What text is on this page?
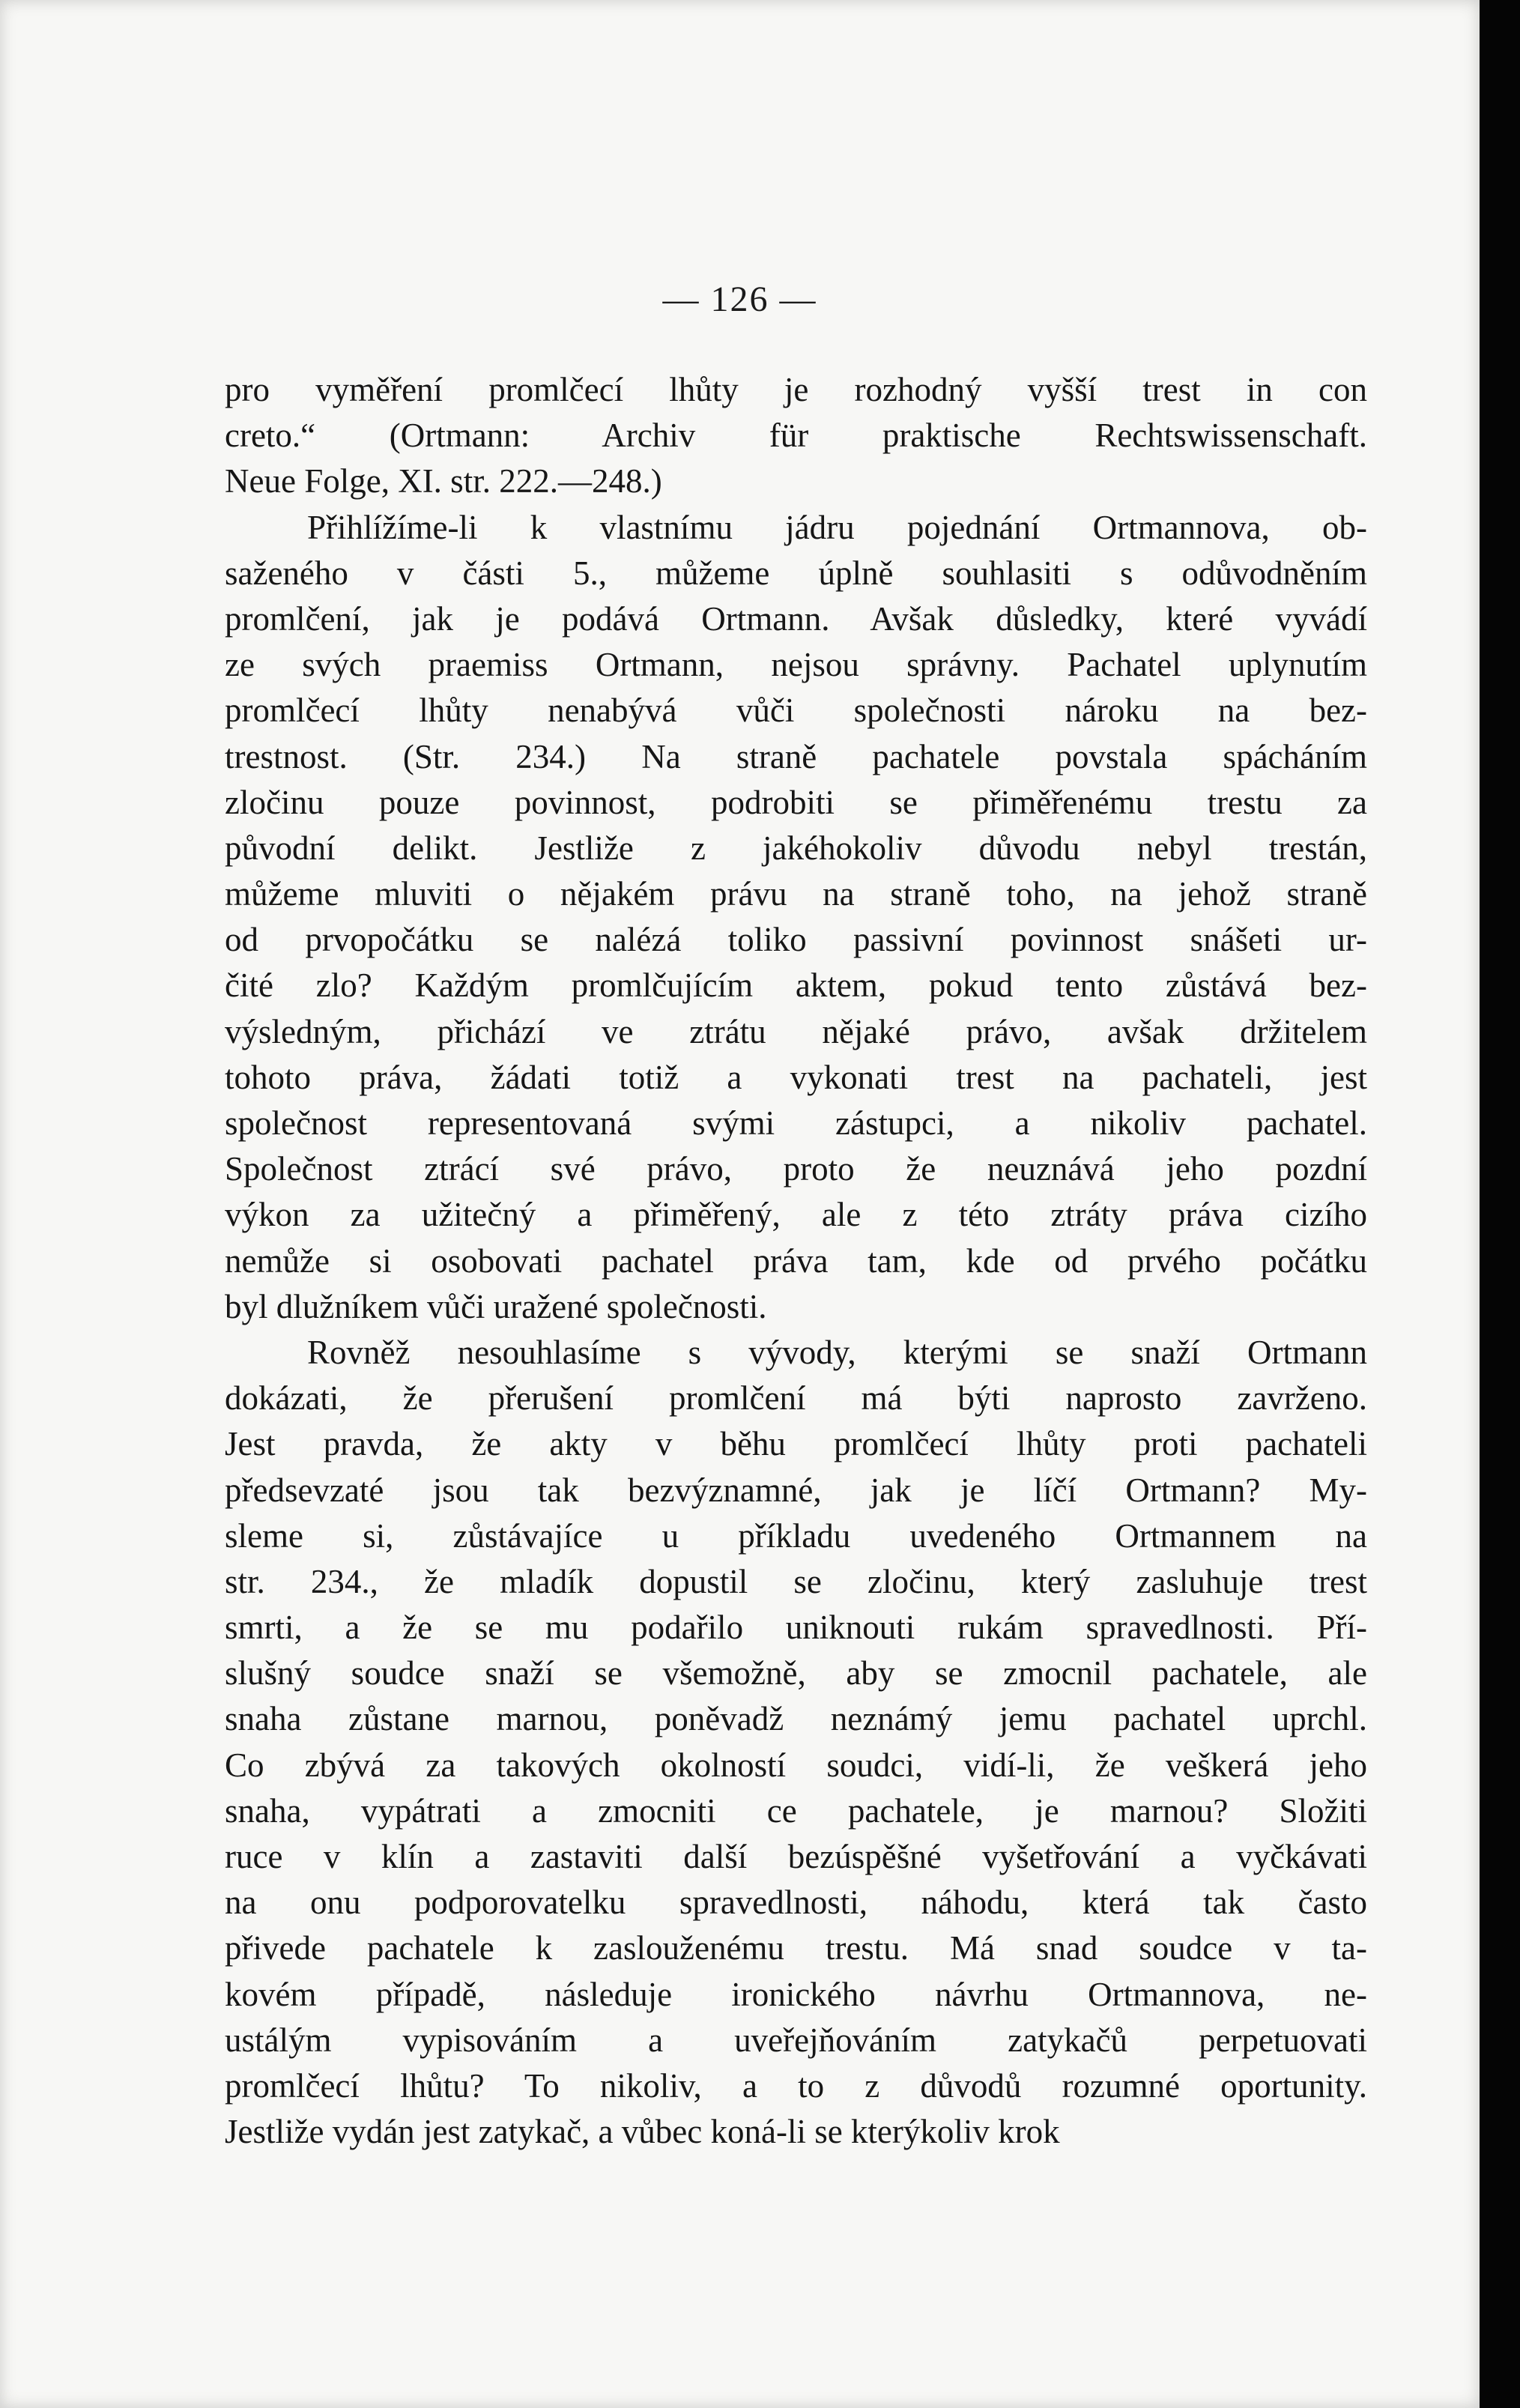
— 126 —
pro vyměření promlčecí lhůty je rozhodný vyšší trest in con
creto.“ (Ortmann: Archiv für praktische Rechtswissenschaft.
Neue Folge, XI. str. 222.—248.)
Přihlížíme-li k vlastnímu jádru pojednání Ortmannova, ob-
saženého v části 5., můžeme úplně souhlasiti s odůvodněním
promlčení, jak je podává Ortmann. Avšak důsledky, které vyvádí
ze svých praemiss Ortmann, nejsou správny. Pachatel uplynutím
promlčecí lhůty nenabývá vůči společnosti nároku na bez-
trestnost. (Str. 234.) Na straně pachatele povstala spácháním
zločinu pouze povinnost, podrobiti se přiměřenému trestu za
původní delikt. Jestliže z jakéhokoliv důvodu nebyl trestán,
můžeme mluviti o nějakém právu na straně toho, na jehož straně
od prvopočátku se nalézá toliko passivní povinnost snášeti ur-
čité zlo? Každým promlčujícím aktem, pokud tento zůstává bez-
výsledným, přichází ve ztrátu nějaké právo, avšak držitelem
tohoto práva, žádati totiž a vykonati trest na pachateli, jest
společnost representovaná svými zástupci, a nikoliv pachatel.
Společnost ztrácí své právo, proto že neuznává jeho pozdní
výkon za užitečný a přiměřený, ale z této ztráty práva cizího
nemůže si osobovati pachatel práva tam, kde od prvého počátku
byl dlužníkem vůči uražené společnosti.
Rovněž nesouhlasíme s vývody, kterými se snaží Ortmann
dokázati, že přerušení promlčení má býti naprosto zavrženo.
Jest pravda, že akty v běhu promlčecí lhůty proti pachateli
předsevzaté jsou tak bezvýznamné, jak je líčí Ortmann? My-
sleme si, zůstávajíce u příkladu uvedeného Ortmannem na
str. 234., že mladík dopustil se zločinu, který zasluhuje trest
smrti, a že se mu podařilo uniknouti rukám spravedlnosti. Pří-
slušný soudce snaží se všemožně, aby se zmocnil pachatele, ale
snaha zůstane marnou, poněvadž neznámý jemu pachatel uprchl.
Co zbývá za takových okolností soudci, vidí-li, že veškerá jeho
snaha, vypátrati a zmocniti ce pachatele, je marnou? Složiti
ruce v klín a zastaviti další bezúspěšné vyšetřování a vyčkávati
na onu podporovatelku spravedlnosti, náhodu, která tak často
přivede pachatele k zaslouženému trestu. Má snad soudce v ta-
kovém případě, následuje ironického návrhu Ortmannova, ne-
ustálým vypisováním a uveřejňováním zatykačů perpetuovati
promlčecí lhůtu? To nikoliv, a to z důvodů rozumné oportunity.
Jestliže vydán jest zatykač, a vůbec koná-li se kterýkoliv krok
